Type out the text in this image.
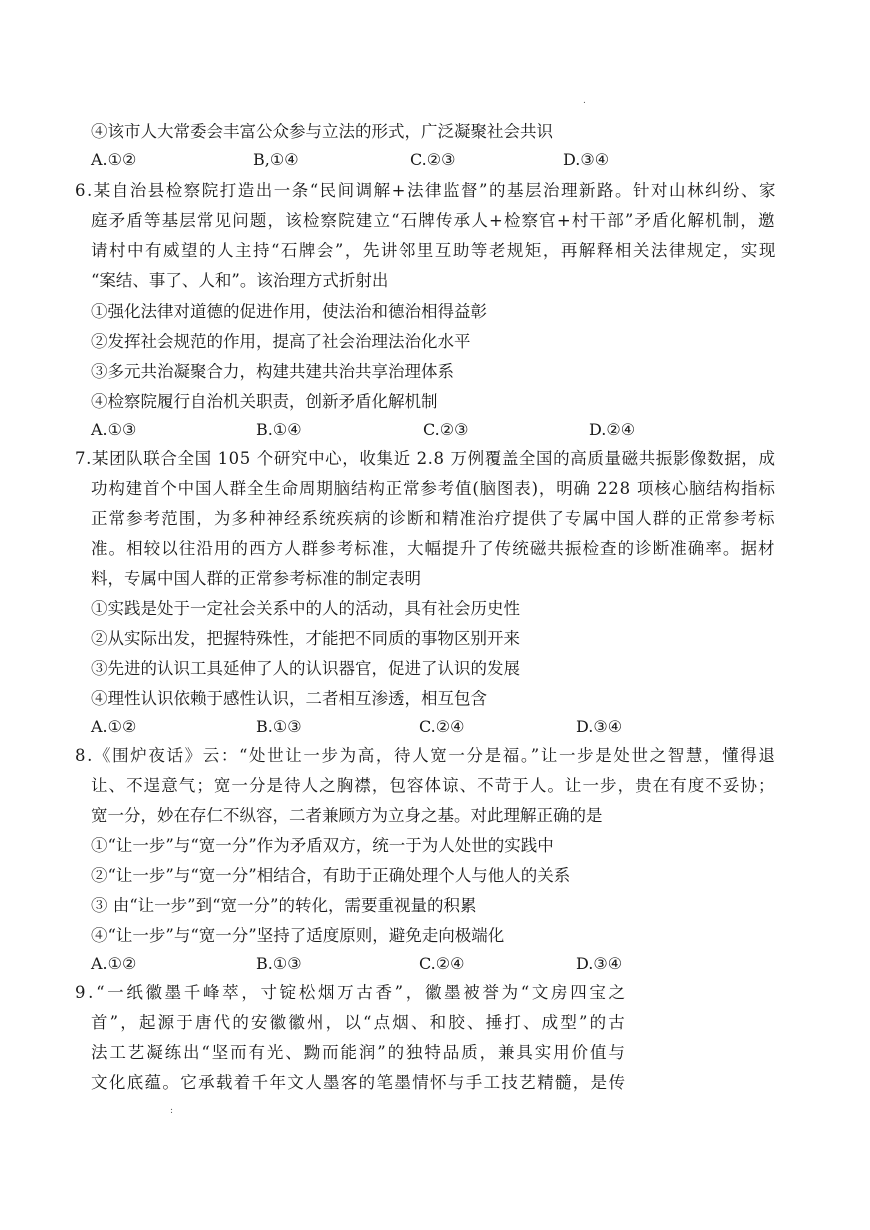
.
④该市人大常委会丰富公众参与立法的形式，广泛凝聚社会共识
A.①②	B,①④	C.②③	D.③④
6.某自治县检察院打造出一条“民间调解+法律监督”的基层治理新路。针对山林纠纷、家
庭矛盾等基层常见问题，该检察院建立“石牌传承人+检察官+村干部”矛盾化解机制，邀
请村中有威望的人主持“石牌会”，先讲邻里互助等老规矩，再解释相关法律规定，实现
“案结、事了、人和”。该治理方式折射出
①强化法律对道德的促进作用，使法治和德治相得益彰
②发挥社会规范的作用，提高了社会治理法治化水平
③多元共治凝聚合力，构建共建共治共享治理体系
④检察院履行自治机关职责，创新矛盾化解机制
A.①③	B.①④	C.②③	D.②④
7.某团队联合全国 105 个研究中心，收集近 2.8 万例覆盖全国的高质量磁共振影像数据，成
功构建首个中国人群全生命周期脑结构正常参考值(脑图表)，明确 228 项核心脑结构指标
正常参考范围，为多种神经系统疾病的诊断和精准治疗提供了专属中国人群的正常参考标
准。相较以往沿用的西方人群参考标准，大幅提升了传统磁共振检查的诊断准确率。据材
料，专属中国人群的正常参考标准的制定表明
①实践是处于一定社会关系中的人的活动，具有社会历史性
②从实际出发，把握特殊性，才能把不同质的事物区别开来
③先进的认识工具延伸了人的认识器官，促进了认识的发展
④理性认识依赖于感性认识，二者相互渗透，相互包含
A.①②	B.①③	C.②④	D.③④
8.《围炉夜话》云：“处世让一步为高，待人宽一分是福。”让一步是处世之智慧，懂得退
让、不逞意气；宽一分是待人之胸襟，包容体谅、不苛于人。让一步，贵在有度不妥协；
宽一分，妙在存仁不纵容，二者兼顾方为立身之基。对此理解正确的是
①“让一步”与“宽一分”作为矛盾双方，统一于为人处世的实践中
②“让一步”与“宽一分”相结合，有助于正确处理个人与他人的关系
③ 由“让一步”到“宽一分”的转化，需要重视量的积累
④“让一步”与“宽一分”坚持了适度原则，避免走向极端化
A.①②	B.①③	C.②④	D.③④
9.“一纸徽墨千峰萃，寸锭松烟万古香”，徽墨被誉为“文房四宝之
首”，起源于唐代的安徽徽州，以“点烟、和胶、捶打、成型”的古
法工艺凝练出“坚而有光、黝而能润”的独特品质，兼具实用价值与
文化底蕴。它承载着千年文人墨客的笔墨情怀与手工技艺精髓，是传
:
